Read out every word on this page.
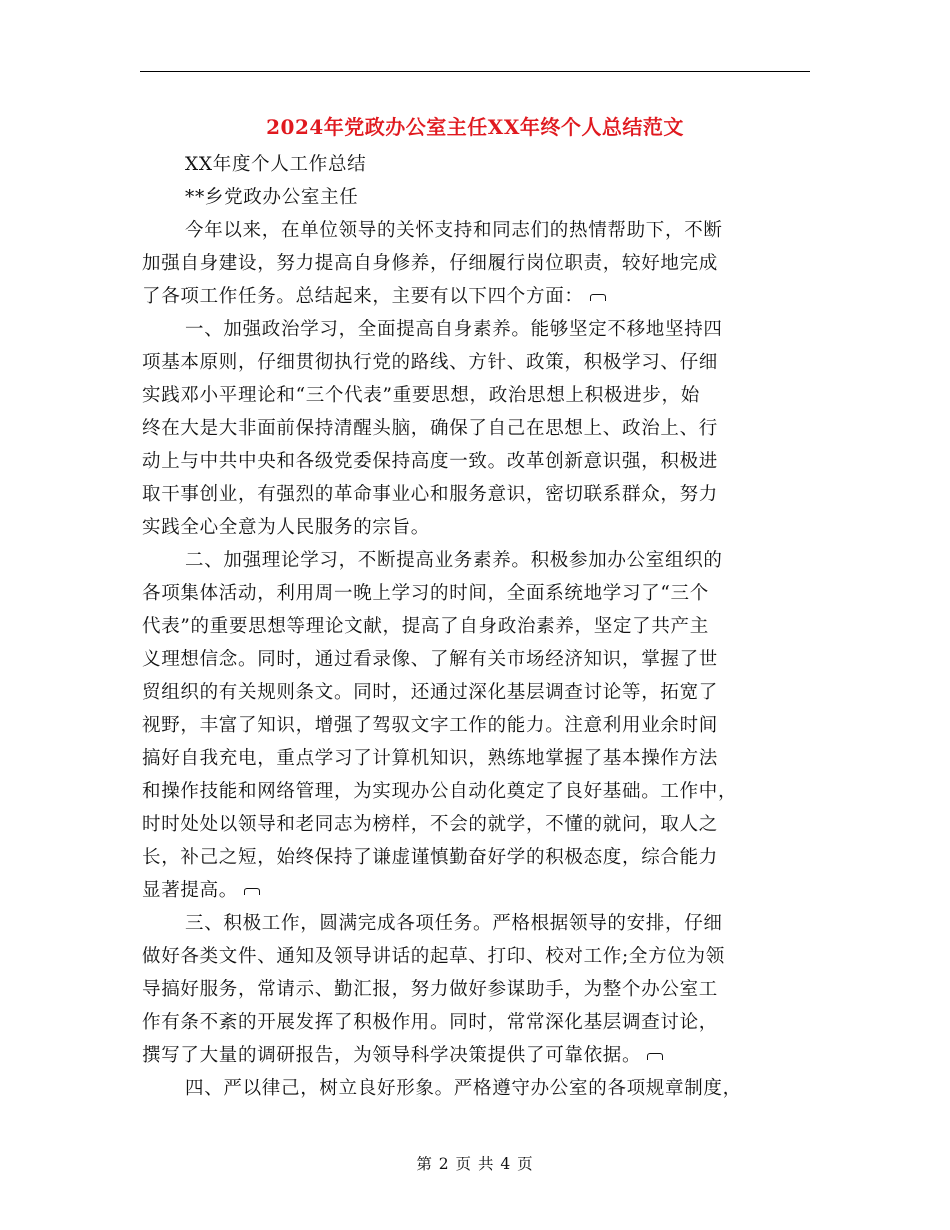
2024年党政办公室主任XX年终个人总结范文
XX年度个人工作总结
**乡党政办公室主任
今年以来，在单位领导的关怀支持和同志们的热情帮助下，不断
加强自身建设，努力提高自身修养，仔细履行岗位职责，较好地完成
了各项工作任务。总结起来，主要有以下四个方面：
一、加强政治学习，全面提高自身素养。能够坚定不移地坚持四
项基本原则，仔细贯彻执行党的路线、方针、政策，积极学习、仔细
实践邓小平理论和“三个代表”重要思想，政治思想上积极进步，始
终在大是大非面前保持清醒头脑，确保了自己在思想上、政治上、行
动上与中共中央和各级党委保持高度一致。改革创新意识强，积极进
取干事创业，有强烈的革命事业心和服务意识，密切联系群众，努力
实践全心全意为人民服务的宗旨。
二、加强理论学习，不断提高业务素养。积极参加办公室组织的
各项集体活动，利用周一晚上学习的时间，全面系统地学习了“三个
代表”的重要思想等理论文献，提高了自身政治素养，坚定了共产主
义理想信念。同时，通过看录像、了解有关市场经济知识，掌握了世
贸组织的有关规则条文。同时，还通过深化基层调查讨论等，拓宽了
视野，丰富了知识，增强了驾驭文字工作的能力。注意利用业余时间
搞好自我充电，重点学习了计算机知识，熟练地掌握了基本操作方法
和操作技能和网络管理，为实现办公自动化奠定了良好基础。工作中，
时时处处以领导和老同志为榜样，不会的就学，不懂的就问，取人之
长，补己之短，始终保持了谦虚谨慎勤奋好学的积极态度，综合能力
显著提高。
三、积极工作，圆满完成各项任务。严格根据领导的安排，仔细
做好各类文件、通知及领导讲话的起草、打印、校对工作;全方位为领
导搞好服务，常请示、勤汇报，努力做好参谋助手，为整个办公室工
作有条不紊的开展发挥了积极作用。同时，常常深化基层调查讨论，
撰写了大量的调研报告，为领导科学决策提供了可靠依据。
四、严以律己，树立良好形象。严格遵守办公室的各项规章制度，
第 2 页 共 4 页
